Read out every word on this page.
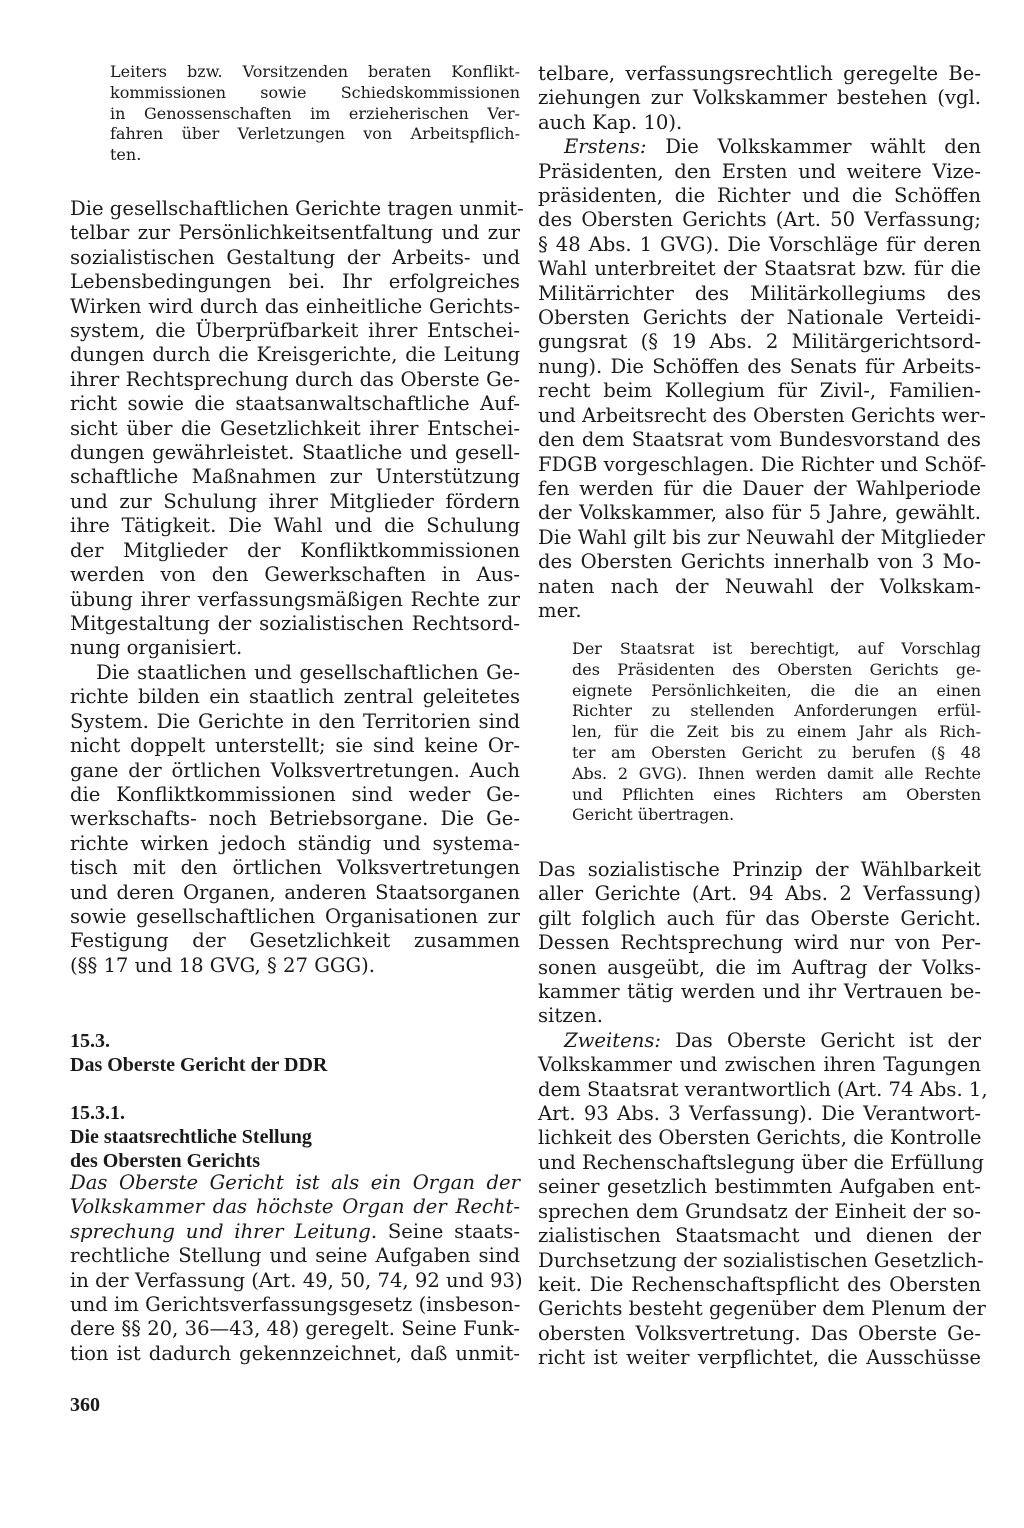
Leiters bzw. Vorsitzenden beraten Konflikt-
kommissionen sowie Schiedskommissionen
in Genossenschaften im erzieherischen Ver-
fahren über Verletzungen von Arbeitspflich-
ten.
Die gesellschaftlichen Gerichte tragen unmit-
telbar zur Persönlichkeitsentfaltung und zur
sozialistischen Gestaltung der Arbeits- und
Lebensbedingungen bei. Ihr erfolgreiches
Wirken wird durch das einheitliche Gerichts-
system, die Überprüfbarkeit ihrer Entschei-
dungen durch die Kreisgerichte, die Leitung
ihrer Rechtsprechung durch das Oberste Ge-
richt sowie die staatsanwaltschaftliche Auf-
sicht über die Gesetzlichkeit ihrer Entschei-
dungen gewährleistet. Staatliche und gesell-
schaftliche Maßnahmen zur Unterstützung
und zur Schulung ihrer Mitglieder fördern
ihre Tätigkeit. Die Wahl und die Schulung
der Mitglieder der Konfliktkommissionen
werden von den Gewerkschaften in Aus-
übung ihrer verfassungsmäßigen Rechte zur
Mitgestaltung der sozialistischen Rechtsord-
nung organisiert.
Die staatlichen und gesellschaftlichen Ge-
richte bilden ein staatlich zentral geleitetes
System. Die Gerichte in den Territorien sind
nicht doppelt unterstellt; sie sind keine Or-
gane der örtlichen Volksvertretungen. Auch
die Konfliktkommissionen sind weder Ge-
werkschafts- noch Betriebsorgane. Die Ge-
richte wirken jedoch ständig und systema-
tisch mit den örtlichen Volksvertretungen
und deren Organen, anderen Staatsorganen
sowie gesellschaftlichen Organisationen zur
Festigung der Gesetzlichkeit zusammen
(§§ 17 und 18 GVG, § 27 GGG).
15.3.
Das Oberste Gericht der DDR
15.3.1.
Die staatsrechtliche Stellung
des Obersten Gerichts
Das Oberste Gericht ist als ein Organ der
Volkskammer das höchste Organ der Recht-
sprechung und ihrer Leitung. Seine staats-
rechtliche Stellung und seine Aufgaben sind
in der Verfassung (Art. 49, 50, 74, 92 und 93)
und im Gerichtsverfassungsgesetz (insbeson-
dere §§ 20, 36—43, 48) geregelt. Seine Funk-
tion ist dadurch gekennzeichnet, daß unmit-
telbare, verfassungsrechtlich geregelte Be-
ziehungen zur Volkskammer bestehen (vgl.
auch Kap. 10).
Erstens: Die Volkskammer wählt den
Präsidenten, den Ersten und weitere Vize-
präsidenten, die Richter und die Schöffen
des Obersten Gerichts (Art. 50 Verfassung;
§ 48 Abs. 1 GVG). Die Vorschläge für deren
Wahl unterbreitet der Staatsrat bzw. für die
Militärrichter des Militärkollegiums des
Obersten Gerichts der Nationale Verteidi-
gungsrat (§ 19 Abs. 2 Militärgerichtsord-
nung). Die Schöffen des Senats für Arbeits-
recht beim Kollegium für Zivil-, Familien-
und Arbeitsrecht des Obersten Gerichts wer-
den dem Staatsrat vom Bundesvorstand des
FDGB vorgeschlagen. Die Richter und Schöf-
fen werden für die Dauer der Wahlperiode
der Volkskammer, also für 5 Jahre, gewählt.
Die Wahl gilt bis zur Neuwahl der Mitglieder
des Obersten Gerichts innerhalb von 3 Mo-
naten nach der Neuwahl der Volkskam-
mer.
Der Staatsrat ist berechtigt, auf Vorschlag
des Präsidenten des Obersten Gerichts ge-
eignete Persönlichkeiten, die die an einen
Richter zu stellenden Anforderungen erfül-
len, für die Zeit bis zu einem Jahr als Rich-
ter am Obersten Gericht zu berufen (§ 48
Abs. 2 GVG). Ihnen werden damit alle Rechte
und Pflichten eines Richters am Obersten
Gericht übertragen.
Das sozialistische Prinzip der Wählbarkeit
aller Gerichte (Art. 94 Abs. 2 Verfassung)
gilt folglich auch für das Oberste Gericht.
Dessen Rechtsprechung wird nur von Per-
sonen ausgeübt, die im Auftrag der Volks-
kammer tätig werden und ihr Vertrauen be-
sitzen.
Zweitens: Das Oberste Gericht ist der
Volkskammer und zwischen ihren Tagungen
dem Staatsrat verantwortlich (Art. 74 Abs. 1,
Art. 93 Abs. 3 Verfassung). Die Verantwort-
lichkeit des Obersten Gerichts, die Kontrolle
und Rechenschaftslegung über die Erfüllung
seiner gesetzlich bestimmten Aufgaben ent-
sprechen dem Grundsatz der Einheit der so-
zialistischen Staatsmacht und dienen der
Durchsetzung der sozialistischen Gesetzlich-
keit. Die Rechenschaftspflicht des Obersten
Gerichts besteht gegenüber dem Plenum der
obersten Volksvertretung. Das Oberste Ge-
richt ist weiter verpflichtet, die Ausschüsse
360
